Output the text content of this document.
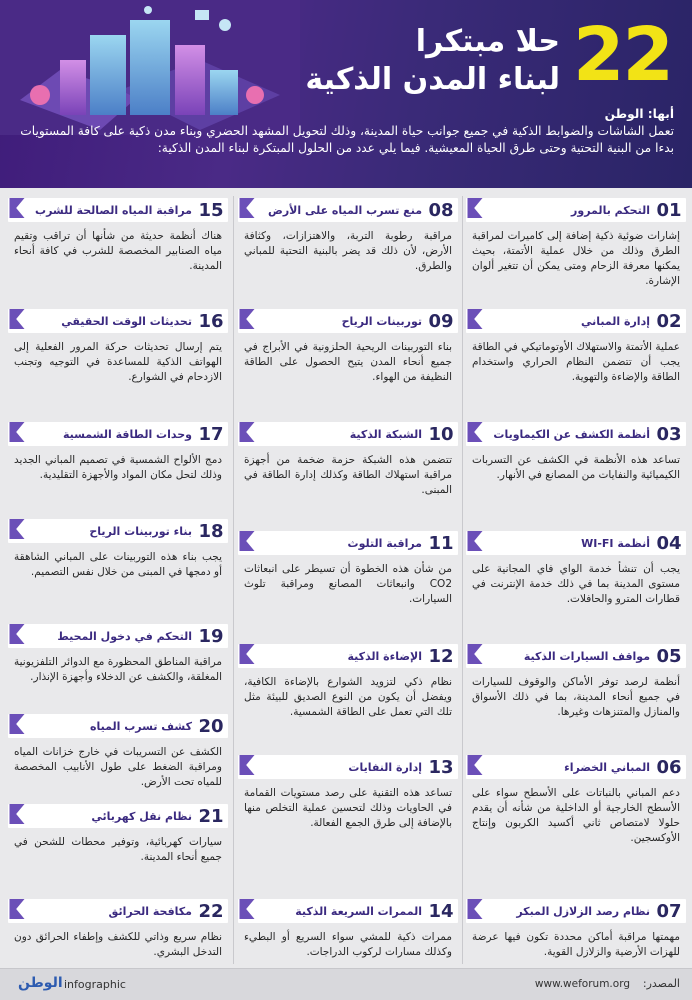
22
حلا مبتكرا
لبناء المدن الذكية
أبها: الوطن
تعمل الشاشات والضوابط الذكية في جميع جوانب حياة المدينة، وذلك لتحويل المشهد الحضري وبناء مدن ذكية على كافة المستويات بدءا من البنية التحتية وحتى طرق الحياة المعيشية. فيما يلي عدد من الحلول المبتكرة لبناء المدن الذكية:
01
التحكم بالمرور
إشارات ضوئية ذكية إضافة إلى كاميرات لمراقبة الطرق وذلك من خلال عملية الأتمتة، بحيث يمكنها معرفة الزحام ومتى يمكن أن تتغير ألوان الإشارة.
02
إدارة المباني
عملية الأتمتة والاستهلاك الأوتوماتيكي في الطاقة يجب أن تتضمن النظام الحراري واستخدام الطاقة والإضاءة والتهوية.
03
أنظمة الكشف عن الكيماويات
تساعد هذه الأنظمة في الكشف عن التسربات الكيميائية والنفايات من المصانع في الأنهار.
04
أنظمة WI-FI
يجب أن تنشأ خدمة الواي فاي المجانية على مستوى المدينة بما في ذلك خدمة الإنترنت في قطارات المترو والحافلات.
05
مواقف السيارات الذكية
أنظمة لرصد توفر الأماكن والوقوف للسيارات في جميع أنحاء المدينة، بما في ذلك الأسواق والمنازل والمتنزهات وغيرها.
06
المباني الخضراء
دعم المباني بالنباتات على الأسطح سواء على الأسطح الخارجية أو الداخلية من شأنه أن يقدم حلولا لامتصاص ثاني أكسيد الكربون وإنتاج الأوكسجين.
07
نظام رصد الزلازل المبكر
مهمتها مراقبة أماكن محددة تكون فيها عرضة للهزات الأرضية والزلازل القوية.
08
منع تسرب المياه على الأرض
مراقبة رطوبة التربة، والاهتزازات، وكثافة الأرض، لأن ذلك قد يضر بالبنية التحتية للمباني والطرق.
09
توربينات الرياح
بناء التوربينات الريحية الحلزونية في الأبراج في جميع أنحاء المدن يتيح الحصول على الطاقة النظيفة من الهواء.
10
الشبكة الذكية
تتضمن هذه الشبكة حزمة ضخمة من أجهزة مراقبة استهلاك الطاقة وكذلك إدارة الطاقة في المبنى.
11
مراقبة التلوث
من شأن هذه الخطوة أن تسيطر على انبعاثات CO2 وانبعاثات المصانع ومراقبة تلوث السيارات.
12
الإضاءة الذكية
نظام ذكي لتزويد الشوارع بالإضاءة الكافية، ويفضل أن يكون من النوع الصديق للبيئة مثل تلك التي تعمل على الطاقة الشمسية.
13
إدارة النفايات
تساعد هذه التقنية على رصد مستويات القمامة في الحاويات وذلك لتحسين عملية التخلص منها بالإضافة إلى طرق الجمع الفعالة.
14
الممرات السريعة الذكية
ممرات ذكية للمشي سواء السريع أو البطيء وكذلك مسارات لركوب الدراجات.
15
مراقبة المياه الصالحة للشرب
هناك أنظمة حديثة من شأنها أن تراقب وتقيم مياه الصنابير المخصصة للشرب في كافة أنحاء المدينة.
16
تحديثات الوقت الحقيقي
يتم إرسال تحديثات حركة المرور الفعلية إلى الهواتف الذكية للمساعدة في التوجيه وتجنب الازدحام في الشوارع.
17
وحدات الطاقة الشمسية
دمج الألواح الشمسية في تصميم المباني الجديد وذلك لتحل مكان المواد والأجهزة التقليدية.
18
بناء توربينات الرياح
يجب بناء هذه التوربينات على المباني الشاهقة أو دمجها في المبنى من خلال نفس التصميم.
19
التحكم في دخول المحيط
مراقبة المناطق المحظورة مع الدوائر التلفزيونية المغلقة، والكشف عن الدخلاء وأجهزة الإنذار.
20
كشف تسرب المياه
الكشف عن التسريبات في خارج خزانات المياه ومراقبة الضغط على طول الأنابيب المخصصة للمياه تحت الأرض.
21
نظام نقل كهربائي
سيارات كهربائية، وتوفير محطات للشحن في جميع أنحاء المدينة.
22
مكافحة الحرائق
نظام سريع وذاتي للكشف وإطفاء الحرائق دون التدخل البشري.
المصدر:
www.weforum.org
الوطن infographic
